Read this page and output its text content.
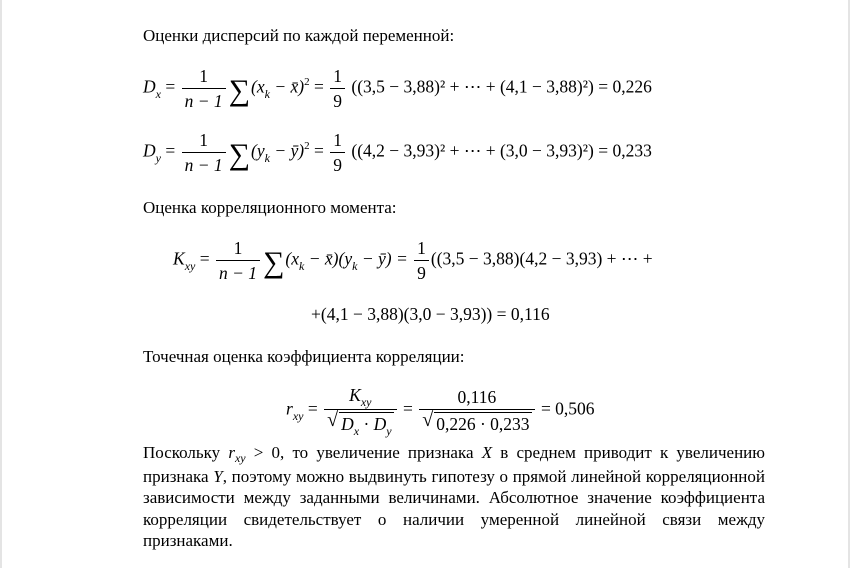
Оценки дисперсий по каждой переменной:
$D_x = \frac{1}{n - 1} \sum(x_k$ − x̄)$^2$ = $\frac{1}{9} ((3,5 - 3,88)^2$ + ⋯ + (4,1 − 3,88)²) = 0,226
$D_y = \frac{1}{n - 1} \sum(y_k$ − ȳ)$^2$ = $\frac{1}{9} ((4,2 - 3,93)^2$ + ⋯ + (3,0 − 3,93)²) = 0,233
Оценка корреляционного момента:
$K_{xy} = \frac{1}{n - 1} \sum(x_k$ − $x̄)(y_k$ − ȳ) = $\frac{1}{9} ((3,5 - 3,88)(4,2 - 3,93)$ + ⋯ +
+(4,1 − 3,88)(3,0 − 3,93)) = 0,116
Точечная оценка коэффициента корреляции:
$r_{xy} = \frac{K_{xy}}{√ D_x \cdot D_y} = \frac{0,116}{√ 0,226 \cdot 0,233} = 0,506$
Поскольку $r_{xy} > 0$, то увеличение признака X в среднем приводит к увеличению признака Y, поэтому можно выдвинуть гипотезу о прямой линейной корреляционной зависимости между заданными величинами. Абсолютное значение коэффициента корреляции свидетельствует о наличии умеренной линейной связи между признаками.
